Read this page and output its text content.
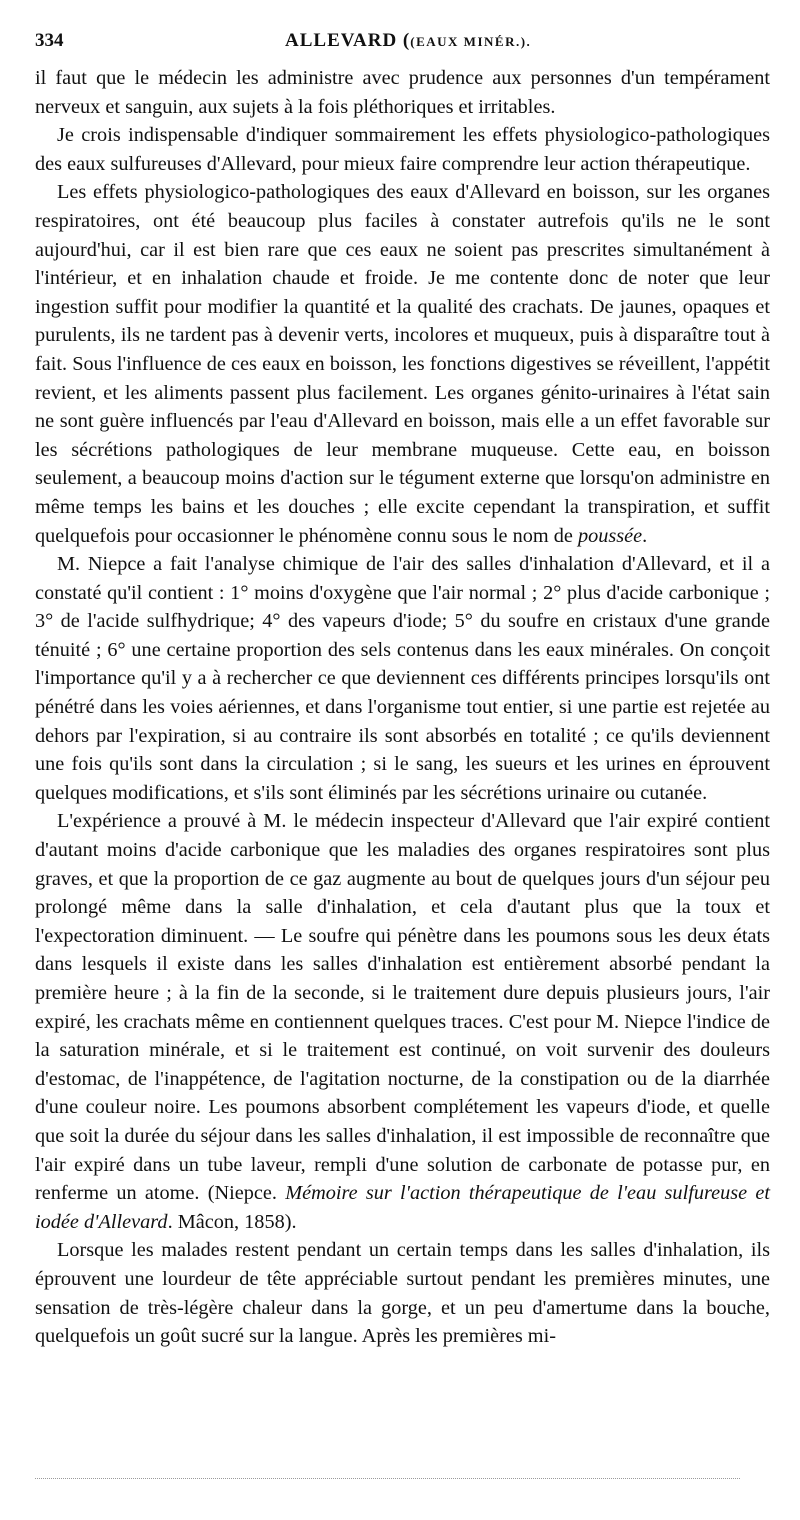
334	ALLEVARD ( (EAUX MINÉR.).

il faut que le médecin les administre avec prudence aux personnes d'un tempérament nerveux et sanguin, aux sujets à la fois pléthoriques et irritables.

Je crois indispensable d'indiquer sommairement les effets physiologico-pathologiques des eaux sulfureuses d'Allevard, pour mieux faire comprendre leur action thérapeutique.

Les effets physiologico-pathologiques des eaux d'Allevard en boisson, sur les organes respiratoires, ont été beaucoup plus faciles à constater autrefois qu'ils ne le sont aujourd'hui, car il est bien rare que ces eaux ne soient pas prescrites simultanément à l'intérieur, et en inhalation chaude et froide. Je me contente donc de noter que leur ingestion suffit pour modifier la quantité et la qualité des crachats. De jaunes, opaques et purulents, ils ne tardent pas à devenir verts, incolores et muqueux, puis à disparaître tout à fait. Sous l'influence de ces eaux en boisson, les fonctions digestives se réveillent, l'appétit revient, et les aliments passent plus facilement. Les organes génito-urinaires à l'état sain ne sont guère influencés par l'eau d'Allevard en boisson, mais elle a un effet favorable sur les sécrétions pathologiques de leur membrane muqueuse. Cette eau, en boisson seulement, a beaucoup moins d'action sur le tégument externe que lorsqu'on administre en même temps les bains et les douches ; elle excite cependant la transpiration, et suffit quelquefois pour occasionner le phénomène connu sous le nom de poussée.

M. Niepce a fait l'analyse chimique de l'air des salles d'inhalation d'Allevard, et il a constaté qu'il contient : 1° moins d'oxygène que l'air normal ; 2° plus d'acide carbonique ; 3° de l'acide sulfhydrique; 4° des vapeurs d'iode; 5° du soufre en cristaux d'une grande ténuité ; 6° une certaine proportion des sels contenus dans les eaux minérales. On conçoit l'importance qu'il y a à rechercher ce que deviennent ces différents principes lorsqu'ils ont pénétré dans les voies aériennes, et dans l'organisme tout entier, si une partie est rejetée au dehors par l'expiration, si au contraire ils sont absorbés en totalité ; ce qu'ils deviennent une fois qu'ils sont dans la circulation ; si le sang, les sueurs et les urines en éprouvent quelques modifications, et s'ils sont éliminés par les sécrétions urinaire ou cutanée.

L'expérience a prouvé à M. le médecin inspecteur d'Allevard que l'air expiré contient d'autant moins d'acide carbonique que les maladies des organes respiratoires sont plus graves, et que la proportion de ce gaz augmente au bout de quelques jours d'un séjour peu prolongé même dans la salle d'inhalation, et cela d'autant plus que la toux et l'expectoration diminuent. — Le soufre qui pénètre dans les poumons sous les deux états dans lesquels il existe dans les salles d'inhalation est entièrement absorbé pendant la première heure ; à la fin de la seconde, si le traitement dure depuis plusieurs jours, l'air expiré, les crachats même en contiennent quelques traces. C'est pour M. Niepce l'indice de la saturation minérale, et si le traitement est continué, on voit survenir des douleurs d'estomac, de l'inappétence, de l'agitation nocturne, de la constipation ou de la diarrhée d'une couleur noire. Les poumons absorbent complétement les vapeurs d'iode, et quelle que soit la durée du séjour dans les salles d'inhalation, il est impossible de reconnaître que l'air expiré dans un tube laveur, rempli d'une solution de carbonate de potasse pur, en renferme un atome. (Niepce. Mémoire sur l'action thérapeutique de l'eau sulfureuse et iodée d'Allevard. Mâcon, 1858).

Lorsque les malades restent pendant un certain temps dans les salles d'inhalation, ils éprouvent une lourdeur de tête appréciable surtout pendant les premières minutes, une sensation de très-légère chaleur dans la gorge, et un peu d'amertume dans la bouche, quelquefois un goût sucré sur la langue. Après les premières mi-
